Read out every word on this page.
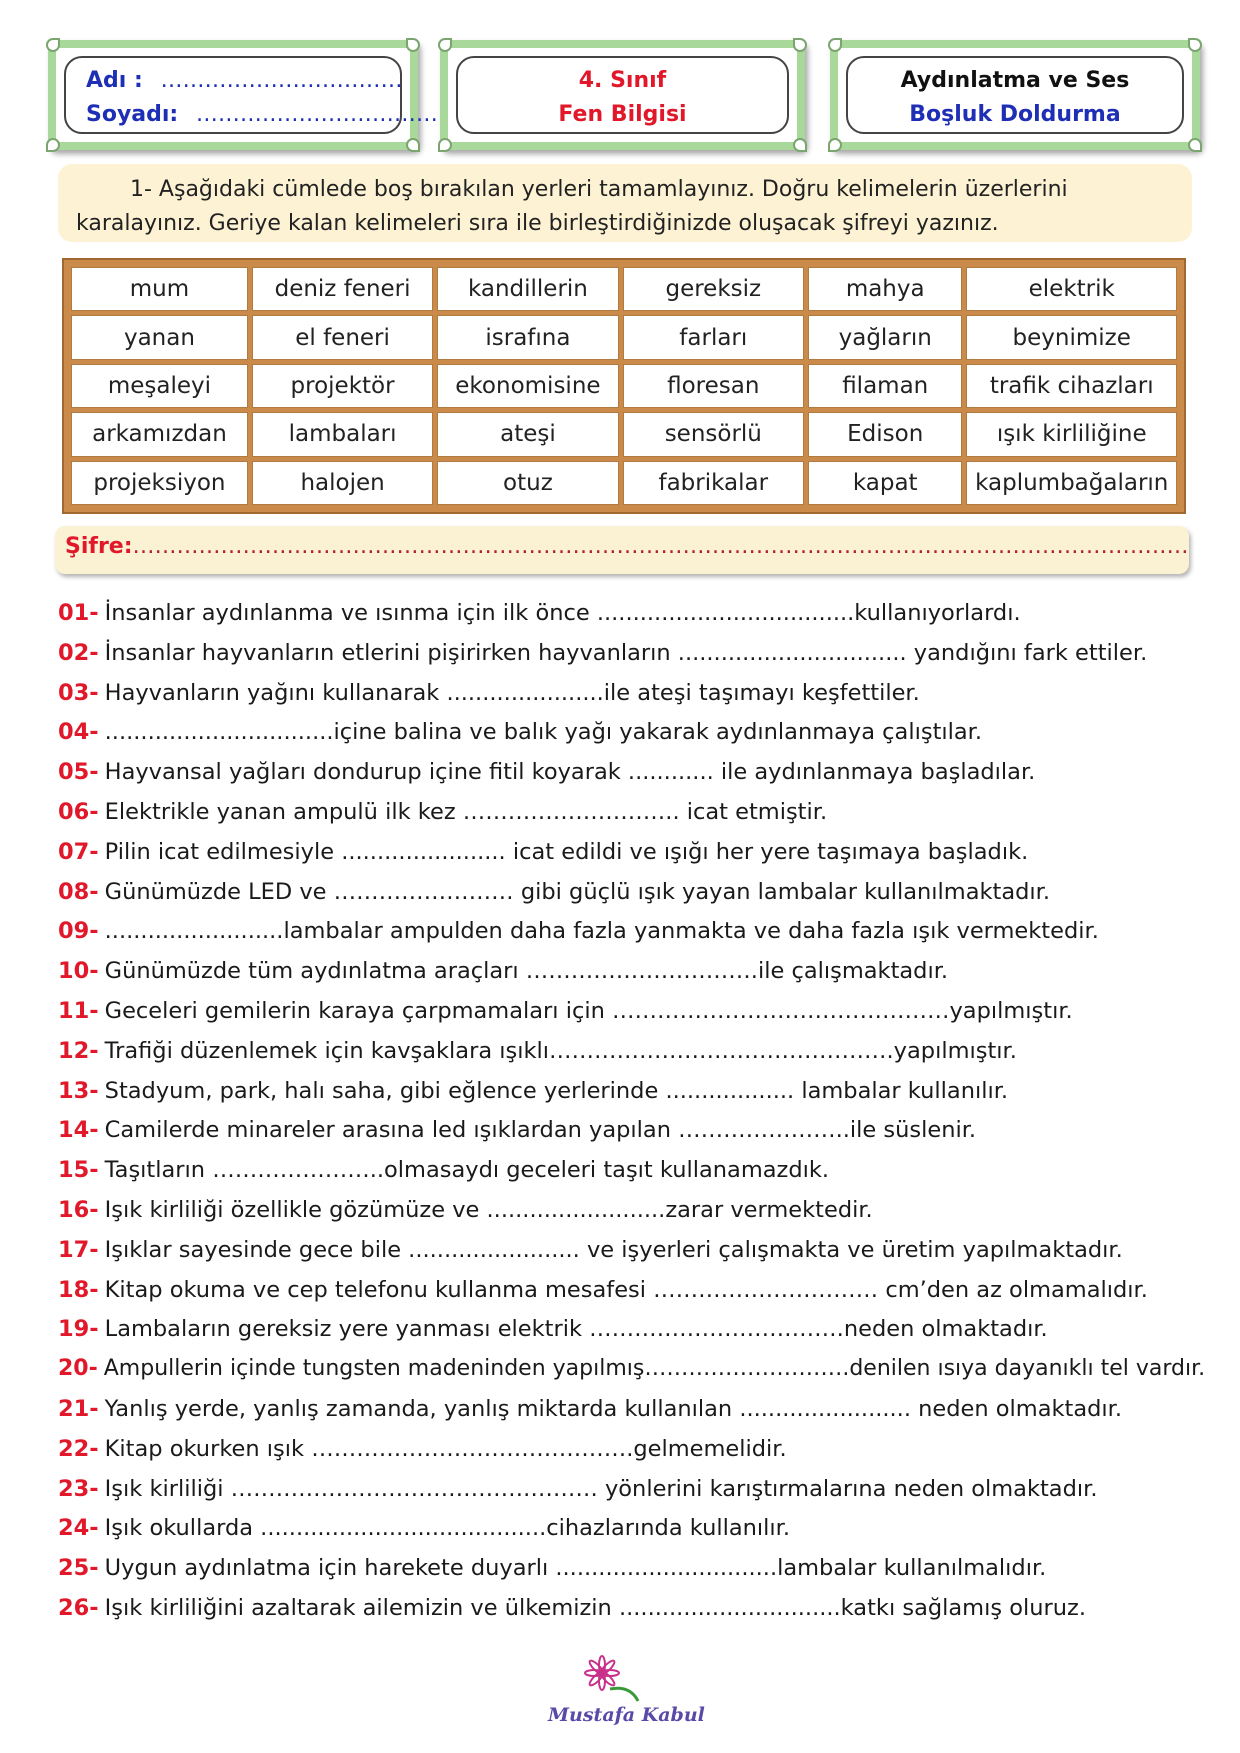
Adı : ……………………………
Soyadı: ……………………………
4. Sınıf
Fen Bilgisi
Aydınlatma ve Ses
Boşluk Doldurma
1- Aşağıdaki cümlede boş bırakılan yerleri tamamlayınız. Doğru kelimelerin üzerlerini karalayınız. Geriye kalan kelimeleri sıra ile birleştirdiğinizde oluşacak şifreyi yazınız.
mum	deniz feneri	kandillerin	gereksiz	mahya	elektrik
yanan	el feneri	israfına	farları	yağların	beynimize
meşaleyi	projektör	ekonomisine	floresan	filaman	trafik cihazları
arkamızdan	lambaları	ateşi	sensörlü	Edison	ışık kirliliğine
projeksiyon	halojen	otuz	fabrikalar	kapat	kaplumbağaların
Şifre:………………………………………………………………………………………………………………………………
01- İnsanlar aydınlanma ve ısınma için ilk önce ....................................kullanıyorlardı.
02- İnsanlar hayvanların etlerini pişirirken hayvanların ................................ yandığını fark ettiler.
03- Hayvanların yağını kullanarak ......................ile ateşi taşımayı keşfettiler.
04- ................................içine balina ve balık yağı yakarak aydınlanmaya çalıştılar.
05- Hayvansal yağları dondurup içine fitil koyarak ............ ile aydınlanmaya başladılar.
06- Elektrikle yanan ampulü ilk kez ……………………….. icat etmiştir.
07- Pilin icat edilmesiyle ....................... icat edildi ve ışığı her yere taşımaya başladık.
08- Günümüzde LED ve …………………… gibi güçlü ışık yayan lambalar kullanılmaktadır.
09- .........................lambalar ampulden daha fazla yanmakta ve daha fazla ışık vermektedir.
10- Günümüzde tüm aydınlatma araçları ………………………….ile çalışmaktadır.
11- Geceleri gemilerin karaya çarpmamaları için ………………………………………yapılmıştır.
12- Trafiği düzenlemek için kavşaklara ışıklı……………………………………….yapılmıştır.
13- Stadyum, park, halı saha, gibi eğlence yerlerinde .................. lambalar kullanılır.
14- Camilerde minareler arasına led ışıklardan yapılan …………………..ile süslenir.
15- Taşıtların …………………..olmasaydı geceleri taşıt kullanamazdık.
16- Işık kirliliği özellikle gözümüze ve .........................zarar vermektedir.
17- Işıklar sayesinde gece bile ........................ ve işyerleri çalışmakta ve üretim yapılmaktadır.
18- Kitap okuma ve cep telefonu kullanma mesafesi ………………………… cm’den az olmamalıdır.
19- Lambaların gereksiz yere yanması elektrik …………………………….neden olmaktadır.
20- Ampullerin içinde tungsten madeninden yapılmış……………………….denilen ısıya dayanıklı tel vardır.
21- Yanlış yerde, yanlış zamanda, yanlış miktarda kullanılan ........................ neden olmaktadır.
22- Kitap okurken ışık …………………………………….gelmemelidir.
23- Işık kirliliği ………………………………….……… yönlerini karıştırmalarına neden olmaktadır.
24- Işık okullarda ........................................cihazlarında kullanılır.
25- Uygun aydınlatma için harekete duyarlı ...............................lambalar kullanılmalıdır.
26- Işık kirliliğini azaltarak ailemizin ve ülkemizin ...............................katkı sağlamış oluruz.
Mustafa Kabul
